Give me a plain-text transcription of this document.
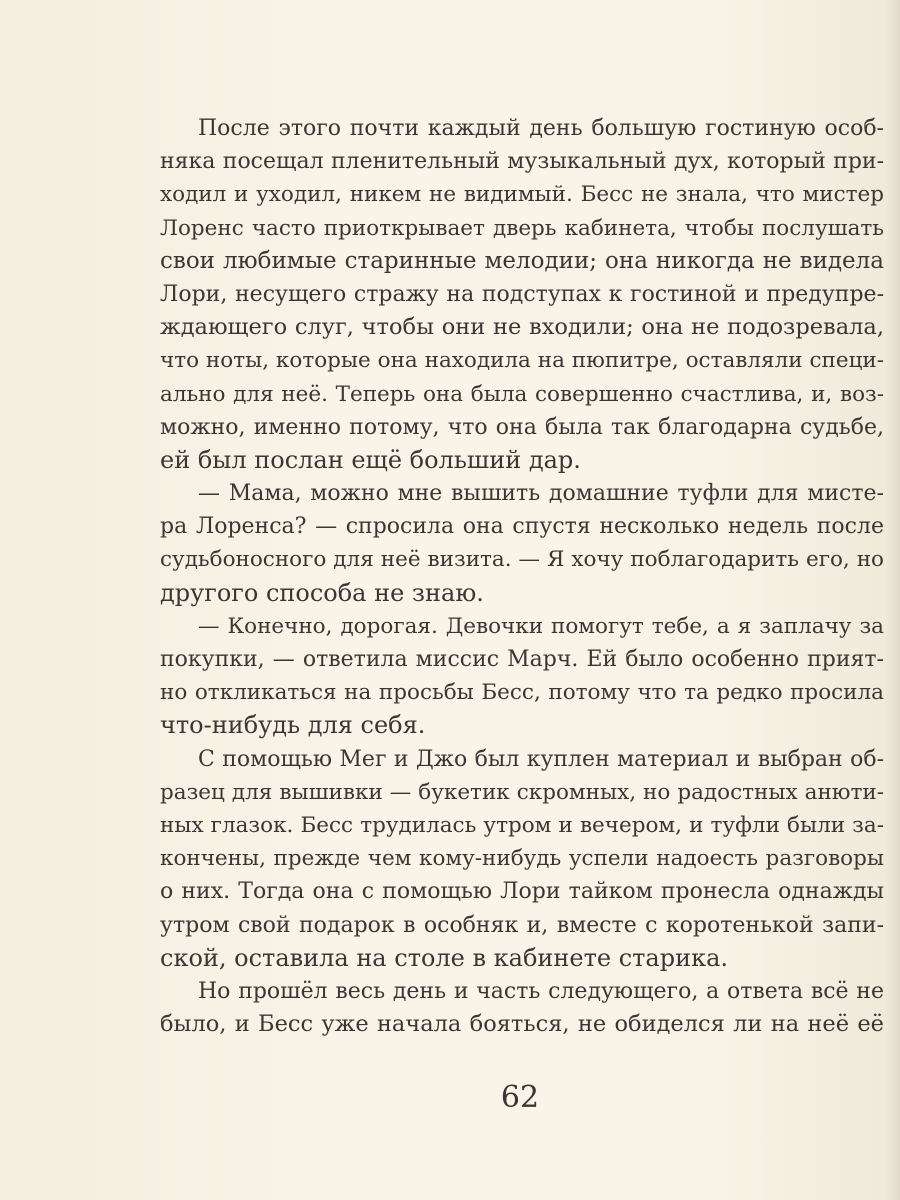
После этого почти каждый день большую гостиную особ-
няка посещал пленительный музыкальный дух, который при-
ходил и уходил, никем не видимый. Бесс не знала, что мистер
Лоренс часто приоткрывает дверь кабинета, чтобы послушать
свои любимые старинные мелодии; она никогда не видела
Лори, несущего стражу на подступах к гостиной и предупре-
ждающего слуг, чтобы они не входили; она не подозревала,
что ноты, которые она находила на пюпитре, оставляли специ-
ально для неё. Теперь она была совершенно счастлива, и, воз-
можно, именно потому, что она была так благодарна судьбе,
ей был послан ещё больший дар.
— Мама, можно мне вышить домашние туфли для мисте-
ра Лоренса? — спросила она спустя несколько недель после
судьбоносного для неё визита. — Я хочу поблагодарить его, но
другого способа не знаю.
— Конечно, дорогая. Девочки помогут тебе, а я заплачу за
покупки, — ответила миссис Марч. Ей было особенно прият-
но откликаться на просьбы Бесс, потому что та редко просила
что-нибудь для себя.
С помощью Мег и Джо был куплен материал и выбран об-
разец для вышивки — букетик скромных, но радостных анюти-
ных глазок. Бесс трудилась утром и вечером, и туфли были за-
кончены, прежде чем кому-нибудь успели надоесть разговоры
о них. Тогда она с помощью Лори тайком пронесла однажды
утром свой подарок в особняк и, вместе с коротенькой запи-
ской, оставила на столе в кабинете старика.
Но прошёл весь день и часть следующего, а ответа всё не
было, и Бесс уже начала бояться, не обиделся ли на неё её
62
